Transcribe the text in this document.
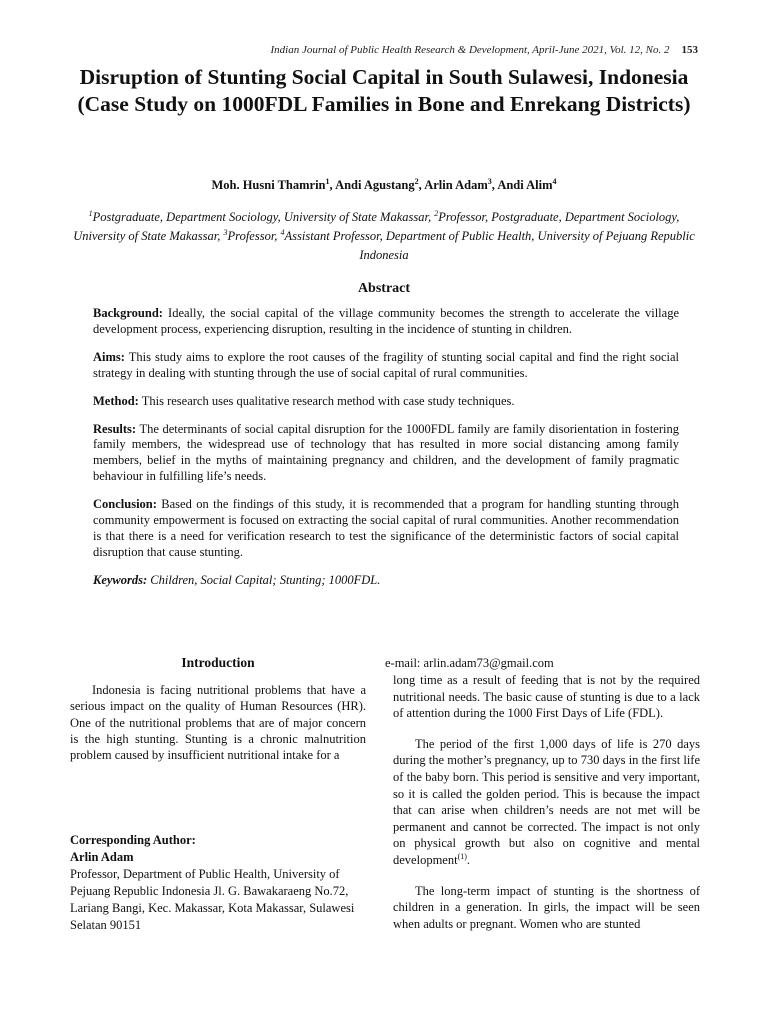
Indian Journal of Public Health Research & Development, April-June 2021, Vol. 12, No. 2 153
Disruption of Stunting Social Capital in South Sulawesi, Indonesia (Case Study on 1000FDL Families in Bone and Enrekang Districts)
Moh. Husni Thamrin$^1$, Andi Agustang$^2$, Arlin Adam$^3$, Andi Alim$^4$
$^1$Postgraduate, Department Sociology, University of State Makassar, $^2$Professor, Postgraduate, Department Sociology, University of State Makassar, $^3$Professor, $^4$Assistant Professor, Department of Public Health, University of Pejuang Republic Indonesia
Abstract

Background: Ideally, the social capital of the village community becomes the strength to accelerate the village development process, experiencing disruption, resulting in the incidence of stunting in children.

Aims: This study aims to explore the root causes of the fragility of stunting social capital and find the right social strategy in dealing with stunting through the use of social capital of rural communities.

Method: This research uses qualitative research method with case study techniques.

Results: The determinants of social capital disruption for the 1000FDL family are family disorientation in fostering family members, the widespread use of technology that has resulted in more social distancing among family members, belief in the myths of maintaining pregnancy and children, and the development of family pragmatic behaviour in fulfilling life’s needs.

Conclusion: Based on the findings of this study, it is recommended that a program for handling stunting through community empowerment is focused on extracting the social capital of rural communities. Another recommendation is that there is a need for verification research to test the significance of the deterministic factors of social capital disruption that cause stunting.

Keywords: Children, Social Capital; Stunting; 1000FDL.

Introduction

Indonesia is facing nutritional problems that have a serious impact on the quality of Human Resources (HR). One of the nutritional problems that are of major concern is the high stunting. Stunting is a chronic malnutrition problem caused by insufficient nutritional intake for a

Corresponding Author:
Arlin Adam
Professor, Department of Public Health, University of Pejuang Republic Indonesia Jl. G. Bawakaraeng No.72, Lariang Bangi, Kec. Makassar, Kota Makassar, Sulawesi Selatan 90151
e-mail: arlin.adam73@gmail.com

long time as a result of feeding that is not by the required nutritional needs. The basic cause of stunting is due to a lack of attention during the 1000 First Days of Life (FDL).

The period of the first 1,000 days of life is 270 days during the mother’s pregnancy, up to 730 days in the first life of the baby born. This period is sensitive and very important, so it is called the golden period. This is because the impact that can arise when children’s needs are not met will be permanent and cannot be corrected. The impact is not only on physical growth but also on cognitive and mental development$^{(1)}$.

The long-term impact of stunting is the shortness of children in a generation. In girls, the impact will be seen when adults or pregnant. Women who are stunted
